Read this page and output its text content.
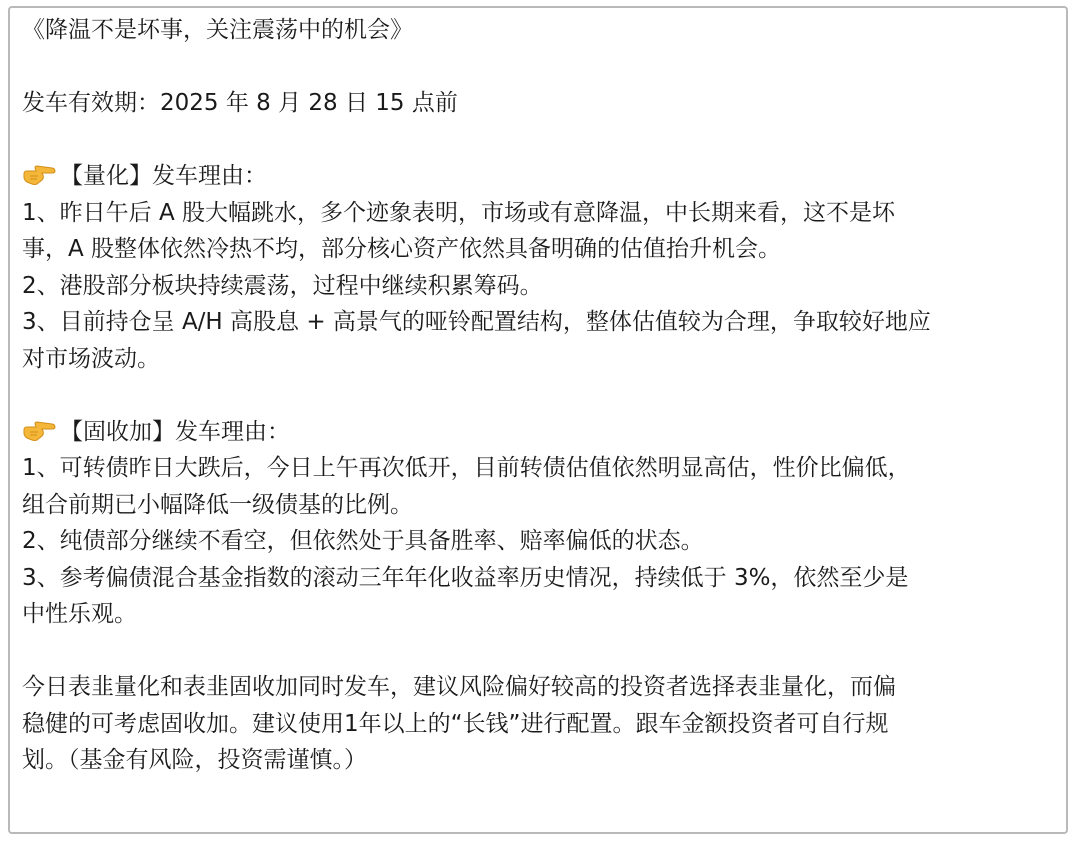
《降温不是坏事，关注震荡中的机会》
发车有效期：2025 年 8 月 28 日 15 点前
【量化】发车理由：
1、昨日午后 A 股大幅跳水，多个迹象表明，市场或有意降温，中长期来看，这不是坏
事，A 股整体依然冷热不均，部分核心资产依然具备明确的估值抬升机会。
2、港股部分板块持续震荡，过程中继续积累筹码。
3、目前持仓呈 A/H 高股息 + 高景气的哑铃配置结构，整体估值较为合理，争取较好地应
对市场波动。
【固收加】发车理由：
1、可转债昨日大跌后，今日上午再次低开，目前转债估值依然明显高估，性价比偏低，
组合前期已小幅降低一级债基的比例。
2、纯债部分继续不看空，但依然处于具备胜率、赔率偏低的状态。
3、参考偏债混合基金指数的滚动三年年化收益率历史情况，持续低于 3%，依然至少是
中性乐观。
今日表韭量化和表韭固收加同时发车，建议风险偏好较高的投资者选择表韭量化，而偏
稳健的可考虑固收加。建议使用1年以上的“长钱”进行配置。跟车金额投资者可自行规
划。（基金有风险，投资需谨慎。）
